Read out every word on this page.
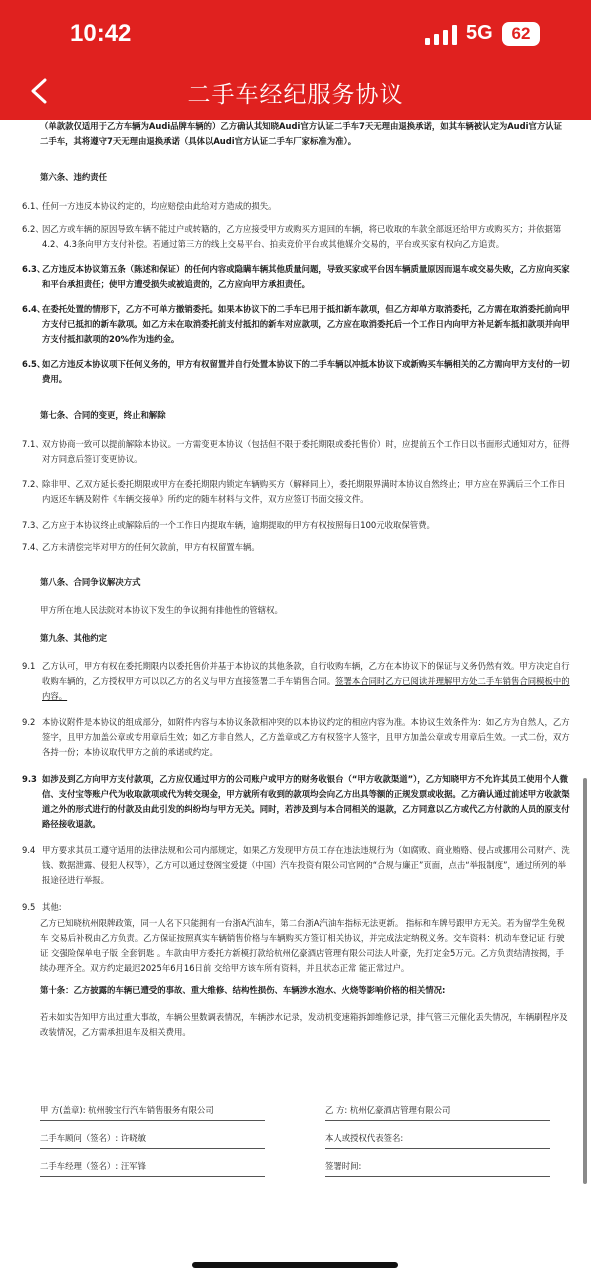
10:42	5G	62
二手车经纪服务协议

（单款款仅适用于乙方车辆为Audi品牌车辆的）乙方确认其知晓Audi官方认证二手车7天无理由退换承诺，如其车辆被认定为Audi官方认证二手车，其将遵守7天无理由退换承诺（具体以Audi官方认证二手车厂家标准为准）。

第六条、违约责任

6.1、
任何一方违反本协议约定的，均应赔偿由此给对方造成的损失。
6.2、
因乙方或车辆的原因导致车辆不能过户或转籍的，乙方应接受甲方或购买方退回的车辆，将已收取的车款全部返还给甲方或购买方；并依据第4.2、4.3条向甲方支付补偿。若通过第三方的线上交易平台、拍卖竞价平台或其他媒介交易的，平台或买家有权向乙方追责。
6.3、
乙方违反本协议第五条（陈述和保证）的任何内容或隐瞒车辆其他质量问题，导致买家或平台因车辆质量原因而退车或交易失败，乙方应向买家和平台承担责任；使甲方遭受损失或被追责的，乙方应向甲方承担责任。
6.4、
在委托处置的情形下，乙方不可单方撤销委托。如果本协议下的二手车已用于抵扣新车款项，但乙方却单方取消委托，乙方需在取消委托前向甲方支付已抵扣的新车款项。如乙方未在取消委托前支付抵扣的新车对应款项，乙方应在取消委托后一个工作日内向甲方补足新车抵扣款项并向甲方支付抵扣款项的20%作为违约金。
6.5、
如乙方违反本协议项下任何义务的，甲方有权留置并自行处置本协议下的二手车辆以冲抵本协议下或新购买车辆相关的乙方需向甲方支付的一切费用。

第七条、合同的变更，终止和解除

7.1、
双方协商一致可以提前解除本协议。一方需变更本协议（包括但不限于委托期限或委托售价）时，应提前五个工作日以书面形式通知对方，征得对方同意后签订变更协议。
7.2、
除非甲、乙双方延长委托期限或甲方在委托期限内锁定车辆购买方（解释同上），委托期限界满时本协议自然终止；甲方应在界满后三个工作日内返还车辆及附件《车辆交接单》所约定的随车材料与文件，双方应签订书面交接文件。
7.3、
乙方应于本协议终止或解除后的一个工作日内提取车辆，逾期提取的甲方有权按照每日100元收取保管费。
7.4、
乙方未清偿完毕对甲方的任何欠款前，甲方有权留置车辆。

第八条、合同争议解决方式

甲方所在地人民法院对本协议下发生的争议拥有排他性的管辖权。

第九条、其他约定

9.1 乙方认可，甲方有权在委托期限内以委托售价并基于本协议的其他条款，自行收购车辆，乙方在本协议下的保证与义务仍然有效。甲方决定自行收购车辆的，乙方授权甲方可以以乙方的名义与甲方直接签署二手车销售合同。签署本合同时乙方已阅读并理解甲方处二手车销售合同模板中的内容。
9.2 本协议附件是本协议的组成部分，如附件内容与本协议条款相冲突的以本协议约定的相应内容为准。本协议生效条件为：如乙方为自然人，乙方签字，且甲方加盖公章或专用章后生效；如乙方非自然人，乙方盖章或乙方有权签字人签字，且甲方加盖公章或专用章后生效。一式二份，双方各持一份；本协议取代甲方之前的承诺或约定。
9.3 如涉及到乙方向甲方支付款项，乙方应仅通过甲方的公司账户或甲方的财务收银台（“甲方收款渠道”），乙方知晓甲方不允许其员工使用个人微信、支付宝等账户代为收取款项或代为转交现金，甲方就所有收到的款项均会向乙方出具等额的正规发票或收据。乙方确认通过前述甲方收款渠道之外的形式进行的付款及由此引发的纠纷均与甲方无关。同时，若涉及到与本合同相关的退款，乙方同意以乙方或代乙方付款的人员的原支付路径接收退款。
9.4 甲方要求其员工遵守适用的法律法规和公司内部规定，如果乙方发现甲方员工存在违法违规行为（如腐败、商业贿赂、侵占或挪用公司财产、洗钱、数据泄露、侵犯人权等），乙方可以通过登阁宝爱捷（中国）汽车投资有限公司官网的“合规与廉正”页面，点击“举报制度”，通过所列的举报途径进行举报。
9.5 其他:

乙方已知晓杭州限牌政策，同一人名下只能拥有一台浙A汽油车，第二台浙A汽油车指标无法更新。 指标和车牌号跟甲方无关。若为留学生免税车 交易后补税由乙方负责。乙方保证按照真实车辆销售价格与车辆购买方签订相关协议，并完成法定纳税义务。交车资料：机动车登记证 行驶证 交强险保单电子版 全套钥匙 。车款由甲方委托方新模打款给杭州亿豪酒店管理有限公司法人叶豪，先打定金5万元。乙方负责结清按揭，手续办理齐全。双方约定最迟2025年6月16日前 交给甲方该车所有资料，并且状态正常 能正常过户。

第十条：乙方披露的车辆已遭受的事故、重大维修、结构性损伤、车辆涉水泡水、火烧等影响价格的相关情况:

若未如实告知甲方出过重大事故，车辆公里数调表情况，车辆涉水记录，发动机变速箱拆卸维修记录，排气管三元催化丢失情况，车辆刷程序及改装情况，乙方需承担退车及相关费用。

甲 方(盖章): 杭州骏宝行汽车销售服务有限公司	乙 方: 杭州亿豪酒店管理有限公司
二手车顾问（签名）: 许晓敏	本人或授权代表签名:
二手车经理（签名）: 汪军锋	签署时间:
